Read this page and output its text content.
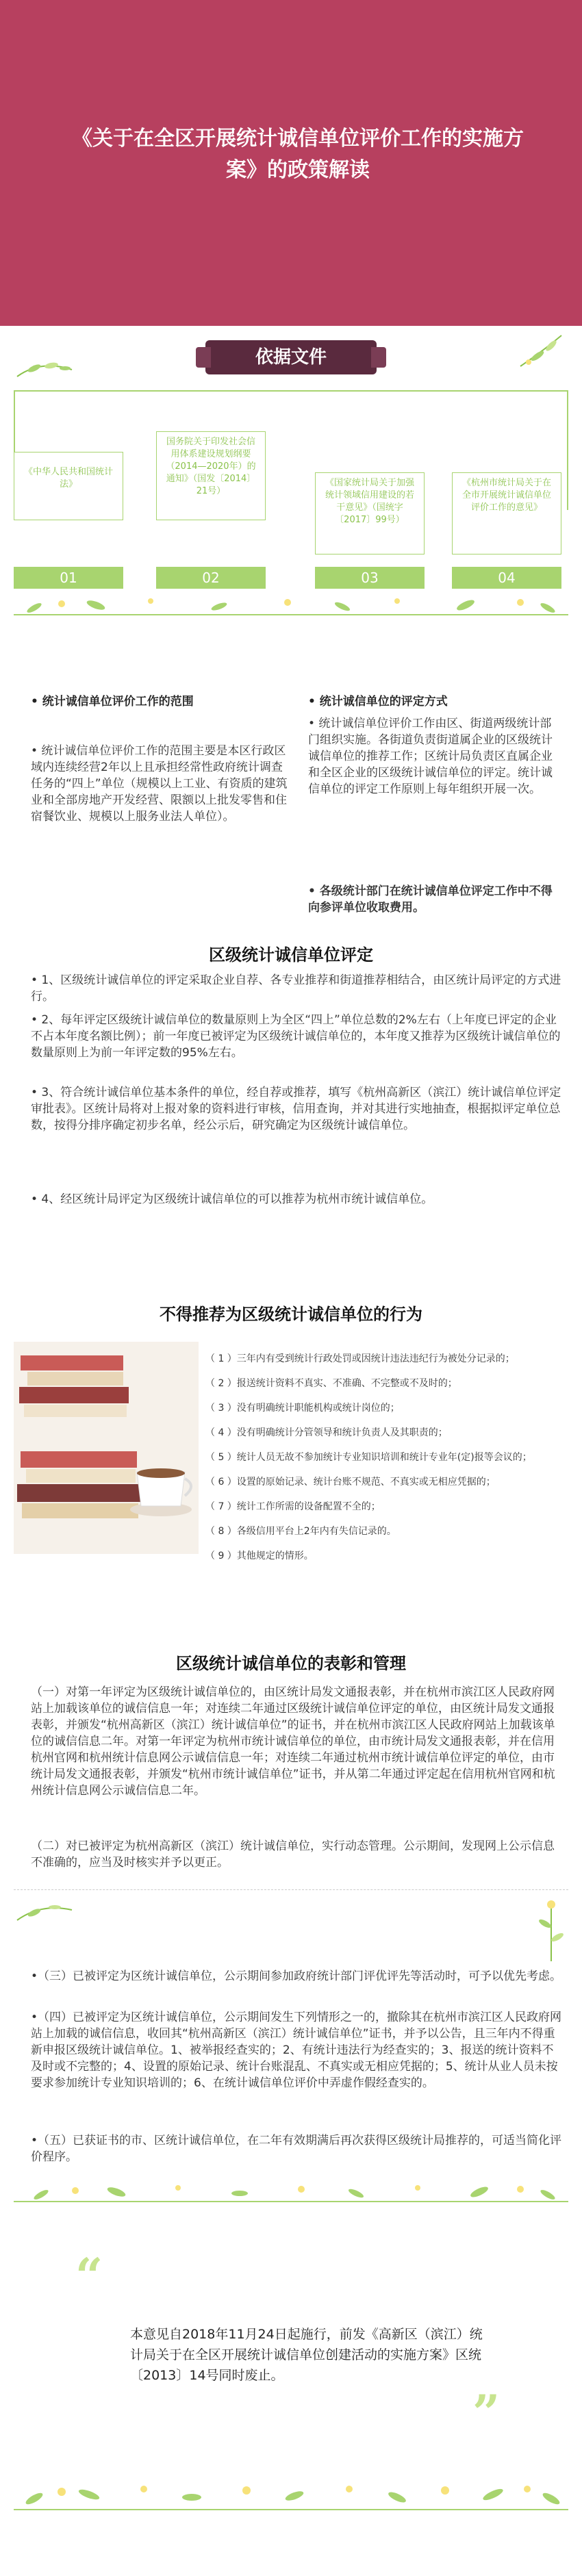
《关于在全区开展统计诚信单位评价工作的实施方案》的政策解读
依据文件
《中华人民共和国统计法》
01
国务院关于印发社会信用体系建设规划纲要（2014—2020年）的通知》（国发〔2014〕21号）
02
《国家统计局关于加强统计领域信用建设的若干意见》（国统字〔2017〕99号）
03
《杭州市统计局关于在全市开展统计诚信单位评价工作的意见》
04
• 统计诚信单位评价工作的范围
• 统计诚信单位评价工作的范围主要是本区行政区域内连续经营2年以上且承担经常性政府统计调查任务的“四上”单位（规模以上工业、有资质的建筑业和全部房地产开发经营、限额以上批发零售和住宿餐饮业、规模以上服务业法人单位）。
• 统计诚信单位的评定方式
• 统计诚信单位评价工作由区、街道两级统计部门组织实施。各街道负责街道属企业的区级统计诚信单位的推荐工作；区统计局负责区直属企业和全区企业的区级统计诚信单位的评定。统计诚信单位的评定工作原则上每年组织开展一次。
• 各级统计部门在统计诚信单位评定工作中不得向参评单位收取费用。
区级统计诚信单位评定
• 1、区级统计诚信单位的评定采取企业自荐、各专业推荐和街道推荐相结合，由区统计局评定的方式进行。
• 2、每年评定区级统计诚信单位的数量原则上为全区“四上”单位总数的2%左右（上年度已评定的企业不占本年度名额比例）；前一年度已被评定为区级统计诚信单位的，本年度又推荐为区级统计诚信单位的数量原则上为前一年评定数的95%左右。
• 3、符合统计诚信单位基本条件的单位，经自荐或推荐，填写《杭州高新区（滨江）统计诚信单位评定审批表》。区统计局将对上报对象的资料进行审核，信用查询，并对其进行实地抽查，根据拟评定单位总数，按得分排序确定初步名单，经公示后，研究确定为区级统计诚信单位。
• 4、经区统计局评定为区级统计诚信单位的可以推荐为杭州市统计诚信单位。
不得推荐为区级统计诚信单位的行为
（ 1 ）三年内有受到统计行政处罚或因统计违法违纪行为被处分记录的；
（ 2 ）报送统计资料不真实、不准确、不完整或不及时的；
（ 3 ）没有明确统计职能机构或统计岗位的；
（ 4 ）没有明确统计分管领导和统计负责人及其职责的；
（ 5 ）统计人员无故不参加统计专业知识培训和统计专业年(定)报等会议的；
（ 6 ）设置的原始记录、统计台账不规范、不真实或无相应凭据的；
（ 7 ）统计工作所需的设备配置不全的；
（ 8 ）各级信用平台上2年内有失信记录的。
（ 9 ）其他规定的情形。
区级统计诚信单位的表彰和管理
（一）对第一年评定为区级统计诚信单位的，由区统计局发文通报表彰，并在杭州市滨江区人民政府网站上加载该单位的诚信信息一年；对连续二年通过区级统计诚信单位评定的单位，由区统计局发文通报表彰，并颁发“杭州高新区（滨江）统计诚信单位”的证书，并在杭州市滨江区人民政府网站上加载该单位的诚信信息二年。对第一年评定为杭州市统计诚信单位的单位，由市统计局发文通报表彰，并在信用杭州官网和杭州统计信息网公示诚信信息一年；对连续二年通过杭州市统计诚信单位评定的单位，由市统计局发文通报表彰，并颁发“杭州市统计诚信单位”证书，并从第二年通过评定起在信用杭州官网和杭州统计信息网公示诚信信息二年。
（二）对已被评定为杭州高新区（滨江）统计诚信单位，实行动态管理。公示期间，发现网上公示信息不准确的，应当及时核实并予以更正。
•（三）已被评定为区统计诚信单位，公示期间参加政府统计部门评优评先等活动时，可予以优先考虑。
•（四）已被评定为区统计诚信单位，公示期间发生下列情形之一的，撤除其在杭州市滨江区人民政府网站上加载的诚信信息，收回其“杭州高新区（滨江）统计诚信单位”证书，并予以公告，且三年内不得重新申报区级统计诚信单位。1、被举报经查实的；2、有统计违法行为经查实的；3、报送的统计资料不及时或不完整的；4、设置的原始记录、统计台账混乱、不真实或无相应凭据的；5、统计从业人员未按要求参加统计专业知识培训的；6、在统计诚信单位评价中弄虚作假经查实的。
•（五）已获证书的市、区统计诚信单位，在二年有效期满后再次获得区级统计局推荐的，可适当简化评价程序。
“
本意见自2018年11月24日起施行，前发《高新区（滨江）统计局关于在全区开展统计诚信单位创建活动的实施方案》区统〔2013〕14号同时废止。
”
